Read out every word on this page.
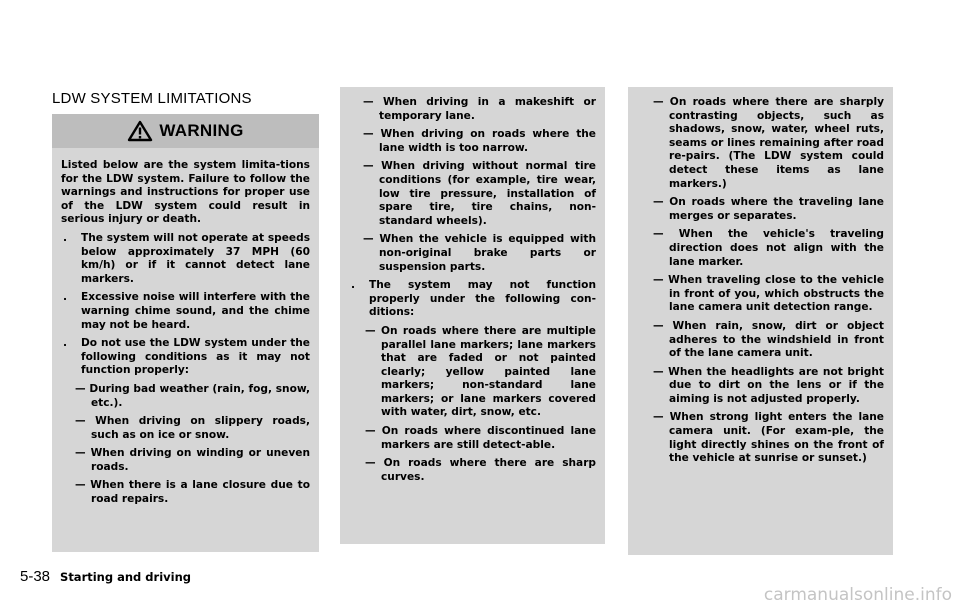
LDW SYSTEM LIMITATIONS
WARNING

Listed below are the system limita-tions for the LDW system. Failure to follow the warnings and instructions for proper use of the LDW system could result in serious injury or death.

. The system will not operate at speeds below approximately 37 MPH (60 km/h) or if it cannot detect lane markers.
. Excessive noise will interfere with the warning chime sound, and the chime may not be heard.
. Do not use the LDW system under the following conditions as it may not function properly:
— During bad weather (rain, fog, snow, etc.).
— When driving on slippery roads, such as on ice or snow.
— When driving on winding or uneven roads.
— When there is a lane closure due to road repairs.
— When driving in a makeshift or temporary lane.
— When driving on roads where the lane width is too narrow.
— When driving without normal tire conditions (for example, tire wear, low tire pressure, installation of spare tire, tire chains, non-standard wheels).
— When the vehicle is equipped with non-original brake parts or suspension parts.
. The system may not function properly under the following con-ditions:
— On roads where there are multiple parallel lane markers; lane markers that are faded or not painted clearly; yellow painted lane markers; non-standard lane markers; or lane markers covered with water, dirt, snow, etc.
— On roads where discontinued lane markers are still detect-able.
— On roads where there are sharp curves.
— On roads where there are sharply contrasting objects, such as shadows, snow, water, wheel ruts, seams or lines remaining after road re-pairs. (The LDW system could detect these items as lane markers.)
— On roads where the traveling lane merges or separates.
— When the vehicle's traveling direction does not align with the lane marker.
— When traveling close to the vehicle in front of you, which obstructs the lane camera unit detection range.
— When rain, snow, dirt or object adheres to the windshield in front of the lane camera unit.
— When the headlights are not bright due to dirt on the lens or if the aiming is not adjusted properly.
— When strong light enters the lane camera unit. (For exam-ple, the light directly shines on the front of the vehicle at sunrise or sunset.)
5-38 Starting and driving
carmanualsonline.info
